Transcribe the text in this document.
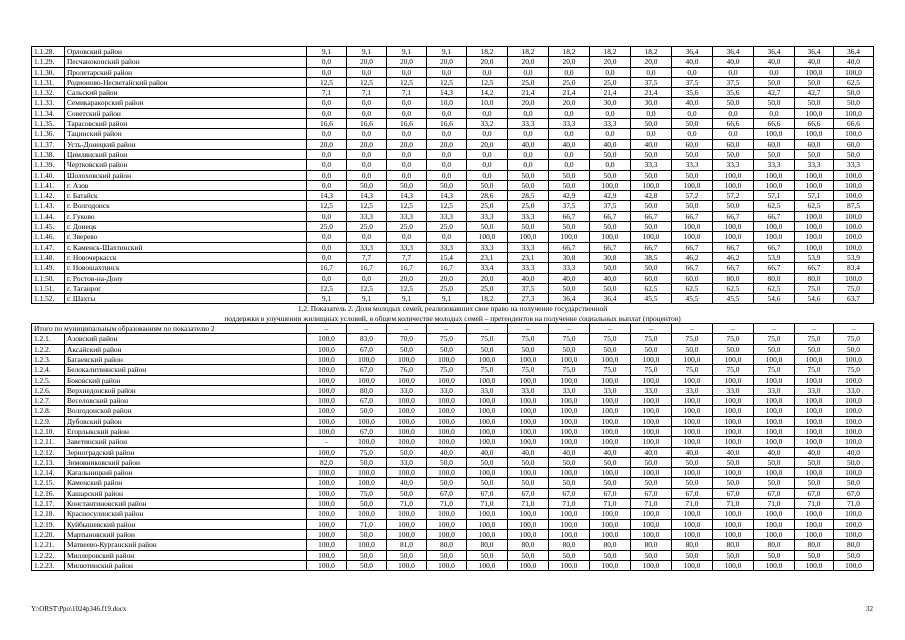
1.1.28.	Орловский район	9,1	9,1	9,1	9,1	18,2	18,2	18,2	18,2	18,2	36,4	36,4	36,4	36,4	36,4
1.1.29.	Песчанокопский район	0,0	20,0	20,0	20,0	20,0	20,0	20,0	20,0	20,0	40,0	40,0	40,0	40,0	40,0
1.1.30.	Пролетарский район	0,0	0,0	0,0	0,0	0,0	0,0	0,0	0,0	0,0	0,0	0,0	0,0	100,0	100,0
1.1.31.	Родионово-Несветайский район	12,5	12,5	12,5	12,5	12,5	25,0	25,0	25,0	37,5	37,5	37,5	50,0	50,0	62,5
1.1.32.	Сальский район	7,1	7,1	7,1	14,3	14,2	21,4	21,4	21,4	21,4	35,6	35,6	42,7	42,7	50,0
1.1.33.	Семикаракорский район	0,0	0,0	0,0	10,0	10,0	20,0	20,0	30,0	30,0	40,0	50,0	50,0	50,0	50,0
1.1.34.	Советский район	0,0	0,0	0,0	0,0	0,0	0,0	0,0	0,0	0,0	0,0	0,0	0,0	100,0	100,0
1.1.35.	Тарасовский район	16,6	16,6	16,6	16,6	33,2	33,3	33,3	33,3	50,0	50,0	66,6	66,6	66,6	66,6
1.1.36.	Тацинский район	0,0	0,0	0,0	0,0	0,0	0,0	0,0	0,0	0,0	0,0	0,0	100,0	100,0	100,0
1.1.37.	Усть-Донецкий район	20,0	20,0	20,0	20,0	20,0	40,0	40,0	40,0	40,0	60,0	60,0	60,0	60,0	60,0
1.1.38.	Цимлянский район	0,0	0,0	0,0	0,0	0,0	0,0	0,0	50,0	50,0	50,0	50,0	50,0	50,0	50,0
1.1.39.	Чертковский район	0,0	0,0	0,0	0,0	0,0	0,0	0,0	0,0	33,3	33,3	33,3	33,3	33,3	33,3
1.1.40.	Шолоховский район	0,0	0,0	0,0	0,0	0,0	50,0	50,0	50,0	50,0	50,0	100,0	100,0	100,0	100,0
1.1.41.	г. Азов	0,0	50,0	50,0	50,0	50,0	50,0	50,0	100,0	100,0	100,0	100,0	100,0	100,0	100,0
1.1.42.	г. Батайск	14,3	14,3	14,3	14,3	28,6	28,5	42,9	42,9	42,8	57,2	57,2	57,1	57,1	100,0
1.1.43.	г. Волгодонск	12,5	12,5	12,5	12,5	25,0	25,0	37,5	37,5	50,0	50,0	50,0	62,5	62,5	87,5
1.1.44.	г. Гуково	0,0	33,3	33,3	33,3	33,3	33,3	66,7	66,7	66,7	66,7	66,7	66,7	100,0	100,0
1.1.45.	г. Донецк	25,0	25,0	25,0	25,0	50,0	50,0	50,0	50,0	50,0	100,0	100,0	100,0	100,0	100,0
1.1.46.	г. Зверево	0,0	0,0	0,0	0,0	100,0	100,0	100,0	100,0	100,0	100,0	100,0	100,0	100,0	100,0
1.1.47.	г. Каменск-Шахтинский	0,0	33,3	33,3	33,3	33,3	33,3	66,7	66,7	66,7	66,7	66,7	66,7	100,0	100,0
1.1.48.	г. Новочеркасск	0,0	7,7	7,7	15,4	23,1	23,1	30,8	30,8	38,5	46,2	46,2	53,9	53,9	53,9
1.1.49.	г. Новошахтинск	16,7	16,7	16,7	16,7	33,4	33,3	33,3	50,0	50,0	66,7	66,7	66,7	66,7	83,4
1.1.50.	г. Ростов-на-Дону	0,0	0,0	20,0	20,0	20,0	40,0	40,0	40,0	60,0	60,0	80,0	80,0	80,0	100,0
1.1.51.	г. Таганрог	12,5	12,5	12,5	25,0	25,0	37,5	50,0	50,0	62,5	62,5	62,5	62,5	75,0	75,0
1.1.52.	г. Шахты	9,1	9,1	9,1	9,1	18,2	27,3	36,4	36,4	45,5	45,5	45,5	54,6	54,6	63,7

1.2. Показатель 2. Доля молодых семей, реализовавших свое право на получение государственной
поддержки в улучшении жилищных условий, в общем количестве молодых семей – претендентов на получение социальных выплат (процентов)															

Итого по муниципальным образованиям по показателю 2		–	–	–	–	–	–	–	–	–	–	–	–	–	–
1.2.1.	Азовский район	100,0	83,0	70,0	75,0	75,0	75,0	75,0	75,0	75,0	75,0	75,0	75,0	75,0	75,0
1.2.2.	Аксайский район	100,0	67,0	50,0	50,0	50,0	50,0	50,0	50,0	50,0	50,0	50,0	50,0	50,0	50,0
1.2.3.	Багаевский район	100,0	100,0	100,0	100,0	100,0	100,0	100,0	100,0	100,0	100,0	100,0	100,0	100,0	100,0
1.2.4.	Белокалитвинский район	100,0	67,0	76,0	75,0	75,0	75,0	75,0	75,0	75,0	75,0	75,0	75,0	75,0	75,0
1.2.5.	Боковский район	100,0	100,0	100,0	100,0	100,0	100,0	100,0	100,0	100,0	100,0	100,0	100,0	100,0	100,0
1.2.6.	Верхнедонской район	100,0	80,0	33,0	33,0	33,0	33,0	33,0	33,0	33,0	33,0	33,0	33,0	33,0	33,0
1.2.7.	Веселовский район	100,0	67,0	100,0	100,0	100,0	100,0	100,0	100,0	100,0	100,0	100,0	100,0	100,0	100,0
1.2.8.	Волгодонской район	100,0	50,0	100,0	100,0	100,0	100,0	100,0	100,0	100,0	100,0	100,0	100,0	100,0	100,0
1.2.9.	Дубовский район	100,0	100,0	100,0	100,0	100,0	100,0	100,0	100,0	100,0	100,0	100,0	100,0	100,0	100,0
1.2.10.	Егорлыкский район	100,0	67,0	100,0	100,0	100,0	100,0	100,0	100,0	100,0	100,0	100,0	100,0	100,0	100,0
1.2.11.	Заветинский район	-	100,0	100,0	100,0	100,0	100,0	100,0	100,0	100,0	100,0	100,0	100,0	100,0	100,0
1.2.12.	Зерноградский район	100,0	75,0	50,0	40,0	40,0	40,0	40,0	40,0	40,0	40,0	40,0	40,0	40,0	40,0
1.2.13.	Зимовниковский район	82,0	50,0	33,0	50,0	50,0	50,0	50,0	50,0	50,0	50,0	50,0	50,0	50,0	50,0
1.2.14.	Кагальницкий район	100,0	100,0	100,0	100,0	100,0	100,0	100,0	100,0	100,0	100,0	100,0	100,0	100,0	100,0
1.2.15.	Каменский район	100,0	100,0	40,0	50,0	50,0	50,0	50,0	50,0	50,0	50,0	50,0	50,0	50,0	50,0
1.2.16.	Кашарский район	100,0	75,0	50,0	67,0	67,0	67,0	67,0	67,0	67,0	67,0	67,0	67,0	67,0	67,0
1.2.17.	Константиновский район	100,0	50,0	71,0	71,0	71,0	71,0	71,0	71,0	71,0	71,0	71,0	71,0	71,0	71,0
1.2.18.	Красносулинский район	100,0	100,0	100,0	100,0	100,0	100,0	100,0	100,0	100,0	100,0	100,0	100,0	100,0	100,0
1.2.19.	Куйбышевский район	100,0	71,0	100,0	100,0	100,0	100,0	100,0	100,0	100,0	100,0	100,0	100,0	100,0	100,0
1.2.20.	Мартыновский район	100,0	50,0	100,0	100,0	100,0	100,0	100,0	100,0	100,0	100,0	100,0	100,0	100,0	100,0
1.2.21.	Матвеево-Курганский район	100,0	100,0	81,0	80,0	80,0	80,0	80,0	80,0	80,0	80,0	80,0	80,0	80,0	80,0
1.2.22.	Миллеровский район	100,0	50,0	50,0	50,0	50,0	50,0	50,0	50,0	50,0	50,0	50,0	50,0	50,0	50,0
1.2.23.	Милютинский район	100,0	50,0	100,0	100,0	100,0	100,0	100,0	100,0	100,0	100,0	100,0	100,0	100,0	100,0
Y:\ORST\Ppo\1024p346.f19.docx	32
